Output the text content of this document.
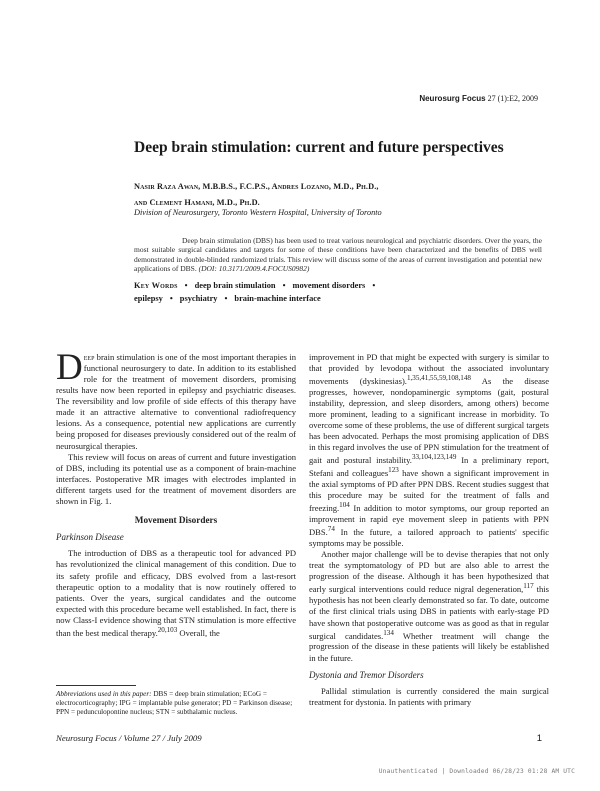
Neurosurg Focus 27 (1):E2, 2009
Deep brain stimulation: current and future perspectives
Nasir Raza Awan, M.B.B.S., F.C.P.S., Andres Lozano, M.D., Ph.D.,
and Clement Hamani, M.D., Ph.D.
Division of Neurosurgery, Toronto Western Hospital, University of Toronto
Deep brain stimulation (DBS) has been used to treat various neurological and psychiatric disorders. Over the years, the most suitable surgical candidates and targets for some of these conditions have been characterized and the benefits of DBS well demonstrated in double-blinded randomized trials. This review will discuss some of the areas of current investigation and potential new applications of DBS. (DOI: 10.3171/2009.4.FOCUS0982)
Key Words • deep brain stimulation • movement disorders •
epilepsy • psychiatry • brain-machine interface

Deep brain stimulation is one of the most important therapies in functional neurosurgery to date. In addition to its established role for the treatment of movement disorders, promising results have now been reported in epilepsy and psychiatric diseases. The reversibility and low profile of side effects of this therapy have made it an attractive alternative to conventional radiofrequency lesions. As a consequence, potential new applications are currently being proposed for diseases previously considered out of the realm of neurosurgical therapies.

This review will focus on areas of current and future investigation of DBS, including its potential use as a component of brain-machine interfaces. Postoperative MR images with electrodes implanted in different targets used for the treatment of movement disorders are shown in Fig. 1.

Movement Disorders
Parkinson Disease

The introduction of DBS as a therapeutic tool for advanced PD has revolutionized the clinical management of this condition. Due to its safety profile and efficacy, DBS evolved from a last-resort therapeutic option to a modality that is now routinely offered to patients. Over the years, surgical candidates and the outcome expected with this procedure became well established. In fact, there is now Class-I evidence showing that STN stimulation is more effective than the best medical therapy.$^{20,103}$ Overall, the

improvement in PD that might be expected with surgery is similar to that provided by levodopa without the associated involuntary movements (dyskinesias).$^{1,35,41,55,59,108,148}$ As the disease progresses, however, nondopaminergic symptoms (gait, postural instability, depression, and sleep disorders, among others) become more prominent, leading to a significant increase in morbidity. To overcome some of these problems, the use of different surgical targets has been advocated. Perhaps the most promising application of DBS in this regard involves the use of PPN stimulation for the treatment of gait and postural instability.$^{33,104,123,149}$ In a preliminary report, Stefani and colleagues$^{123}$ have shown a significant improvement in the axial symptoms of PD after PPN DBS. Recent studies suggest that this procedure may be suited for the treatment of falls and freezing.$^{104}$ In addition to motor symptoms, our group reported an improvement in rapid eye movement sleep in patients with PPN DBS.$^{74}$ In the future, a tailored approach to patients' specific symptoms may be possible.

Another major challenge will be to devise therapies that not only treat the symptomatology of PD but are also able to arrest the progression of the disease. Although it has been hypothesized that early surgical interventions could reduce nigral degeneration,$^{117}$ this hypothesis has not been clearly demonstrated so far. To date, outcome of the first clinical trials using DBS in patients with early-stage PD have shown that postoperative outcome was as good as that in regular surgical candidates.$^{134}$ Whether treatment will change the progression of the disease in these patients will likely be established in the future.

Dystonia and Tremor Disorders

Pallidal stimulation is currently considered the main surgical treatment for dystonia. In patients with primary

Abbreviations used in this paper: DBS = deep brain stimulation; ECoG = electrocorticography; IPG = implantable pulse generator; PD = Parkinson disease; PPN = pedunculopontine nucleus; STN = subthalamic nucleus.
Neurosurg Focus / Volume 27 / July 2009	1
Unauthenticated | Downloaded 06/28/23 01:28 AM UTC
